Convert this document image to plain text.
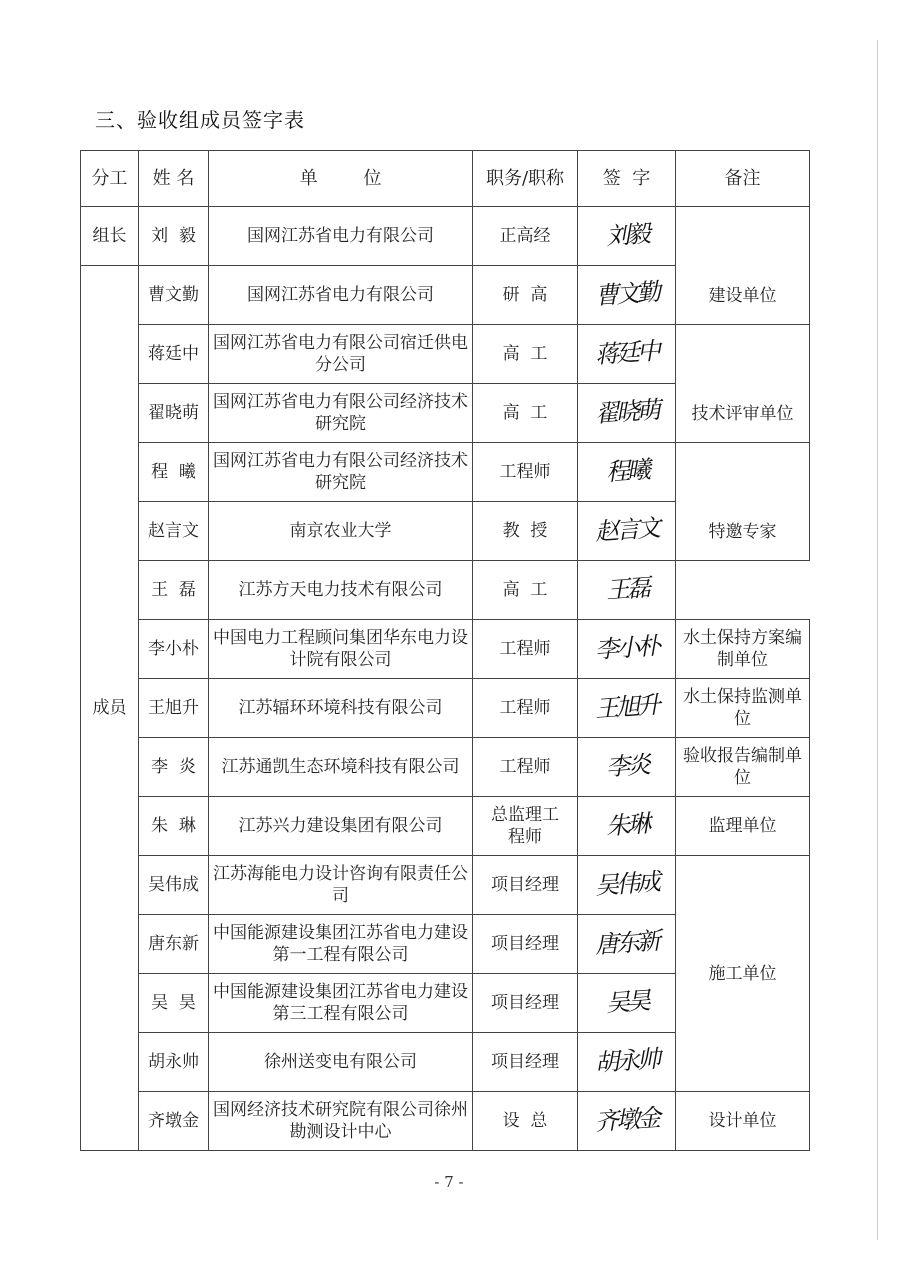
三、验收组成员签字表
分工	姓 名	单        位	职务/职称	签  字	备注
组长	刘  毅	国网江苏省电力有限公司	正高经	刘毅	建设单位
成员	曹文勤	国网江苏省电力有限公司	研  高	曹文勤	
	蒋廷中	国网江苏省电力有限公司宿迁供电分公司	高  工	蒋廷中	技术评审单位
	翟晓萌	国网江苏省电力有限公司经济技术研究院	高  工	翟晓萌	
	程  曦	国网江苏省电力有限公司经济技术研究院	工程师	程曦	特邀专家
	赵言文	南京农业大学	教  授	赵言文	
	王  磊	江苏方天电力技术有限公司	高  工	王磊	
	李小朴	中国电力工程顾问集团华东电力设计院有限公司	工程师	李小朴	水土保持方案编制单位
	王旭升	江苏辐环环境科技有限公司	工程师	王旭升	水土保持监测单位
	李  炎	江苏通凯生态环境科技有限公司	工程师	李炎	验收报告编制单位
	朱  琳	江苏兴力建设集团有限公司	总监理工程师	朱琳	监理单位
	吴伟成	江苏海能电力设计咨询有限责任公司	项目经理	吴伟成	施工单位
	唐东新	中国能源建设集团江苏省电力建设第一工程有限公司	项目经理	唐东新	
	吴  昊	中国能源建设集团江苏省电力建设第三工程有限公司	项目经理	吴昊	
	胡永帅	徐州送变电有限公司	项目经理	胡永帅	
	齐墩金	国网经济技术研究院有限公司徐州勘测设计中心	设  总	齐墩金	设计单位
- 7 -
